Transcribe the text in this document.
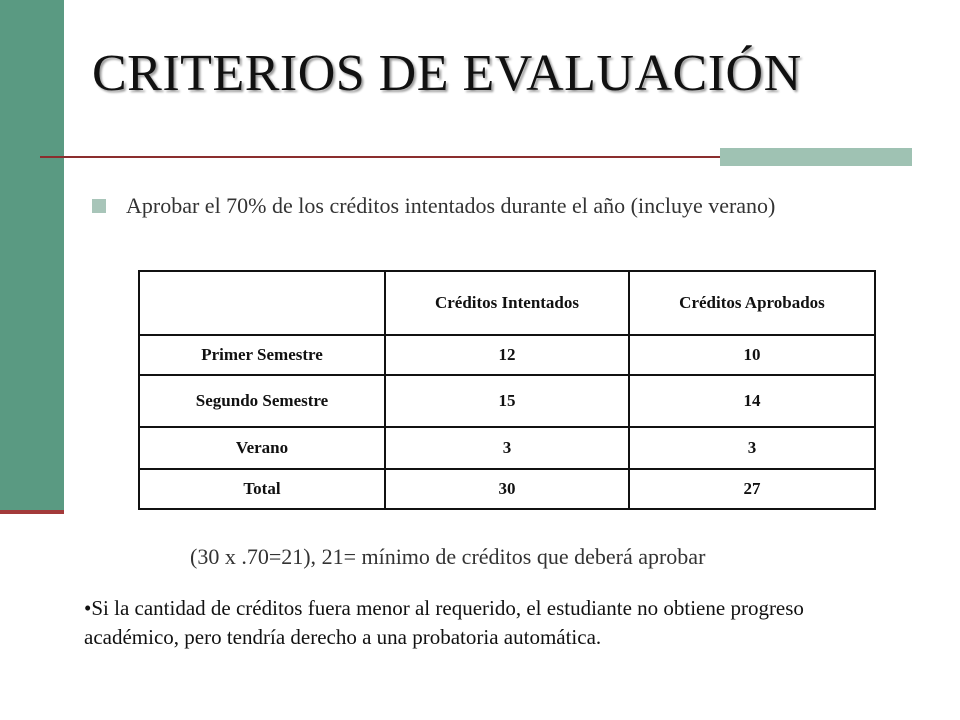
CRITERIOS DE EVALUACIÓN
Aprobar el 70% de los créditos intentados durante el año (incluye verano)
	Créditos Intentados	Créditos Aprobados
Primer Semestre	12	10
Segundo Semestre	15	14
Verano	3	3
Total	30	27
(30 x .70=21), 21= mínimo de créditos que deberá aprobar
•Si la cantidad de créditos fuera menor al requerido, el estudiante no obtiene progreso académico, pero tendría derecho a una probatoria automática.
